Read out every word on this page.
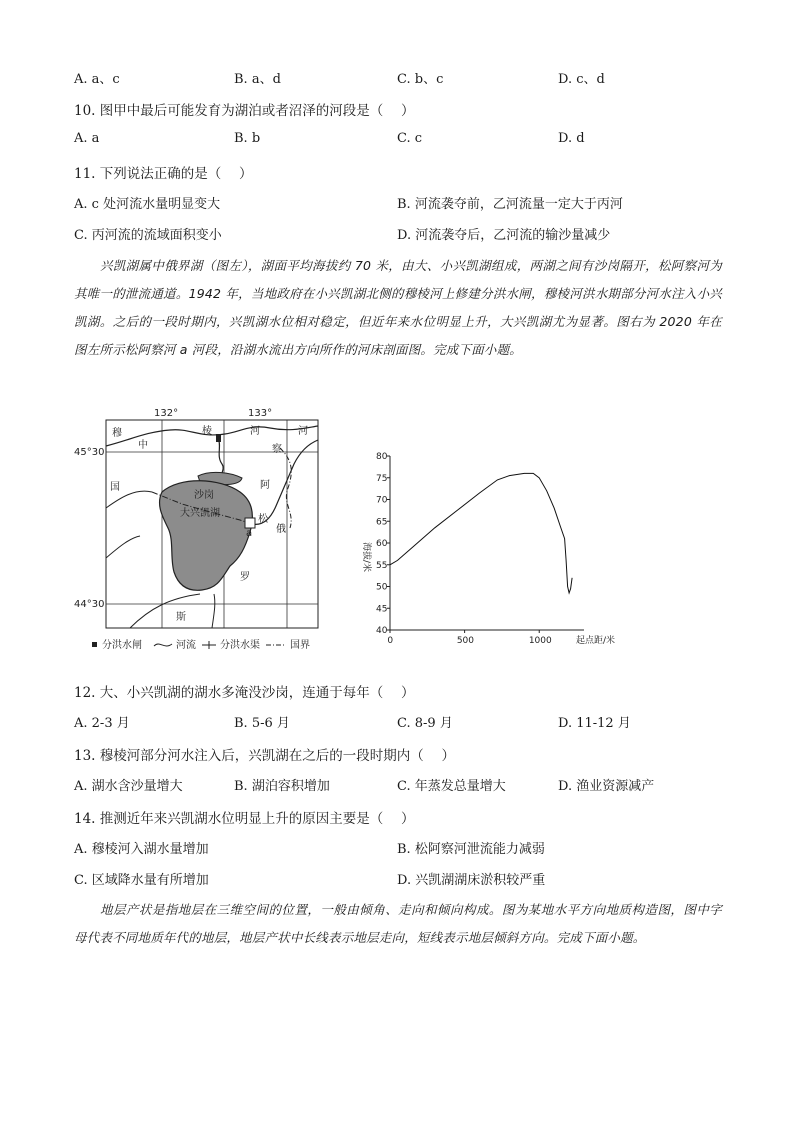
A. a、c	B. a、d	C. b、c	D. c、d
10. 图甲中最后可能发育为湖泊或者沼泽的河段是（　 ）
A. a	B. b	C. c	D. d
11. 下列说法正确的是（　 ）
A. c 处河流水量明显变大	B. 河流袭夺前，乙河流量一定大于丙河
C. 丙河流的流域面积变小	D. 河流袭夺后，乙河流的输沙量减少
兴凯湖属中俄界湖（图左），湖面平均海拔约 70 米，由大、小兴凯湖组成，两湖之间有沙岗隔开，松阿察河为其唯一的泄流通道。1942 年，当地政府在小兴凯湖北侧的穆棱河上修建分洪水闸，穆棱河洪水期部分河水注入小兴凯湖。之后的一段时期内，兴凯湖水位相对稳定，但近年来水位明显上升，大兴凯湖尤为显著。图右为 2020 年在图左所示松阿察河 a 河段，沿湖水流出方向所作的河床剖面图。完成下面小题。
132°	133°
45°30'
44°30'
穆
国
中
棱	河	河
察
阿
松
俄
罗
斯
沙岗
大兴凯湖
a
分洪水闸	河流 分洪水渠	国界
40
45
50
55
60
65
70
75
80
0	500	1000
海拔/米
起点距/米
12. 大、小兴凯湖的湖水多淹没沙岗，连通于每年（　 ）
A. 2-3 月	B. 5-6 月	C. 8-9 月	D. 11-12 月
13. 穆棱河部分河水注入后，兴凯湖在之后的一段时期内（　 ）
A. 湖水含沙量增大	B. 湖泊容积增加	C. 年蒸发总量增大	D. 渔业资源减产
14. 推测近年来兴凯湖水位明显上升的原因主要是（　 ）
A. 穆棱河入湖水量增加	B. 松阿察河泄流能力减弱
C. 区域降水量有所增加	D. 兴凯湖湖床淤积较严重
地层产状是指地层在三维空间的位置，一般由倾角、走向和倾向构成。图为某地水平方向地质构造图，图中字母代表不同地质年代的地层，地层产状中长线表示地层走向，短线表示地层倾斜方向。完成下面小题。
